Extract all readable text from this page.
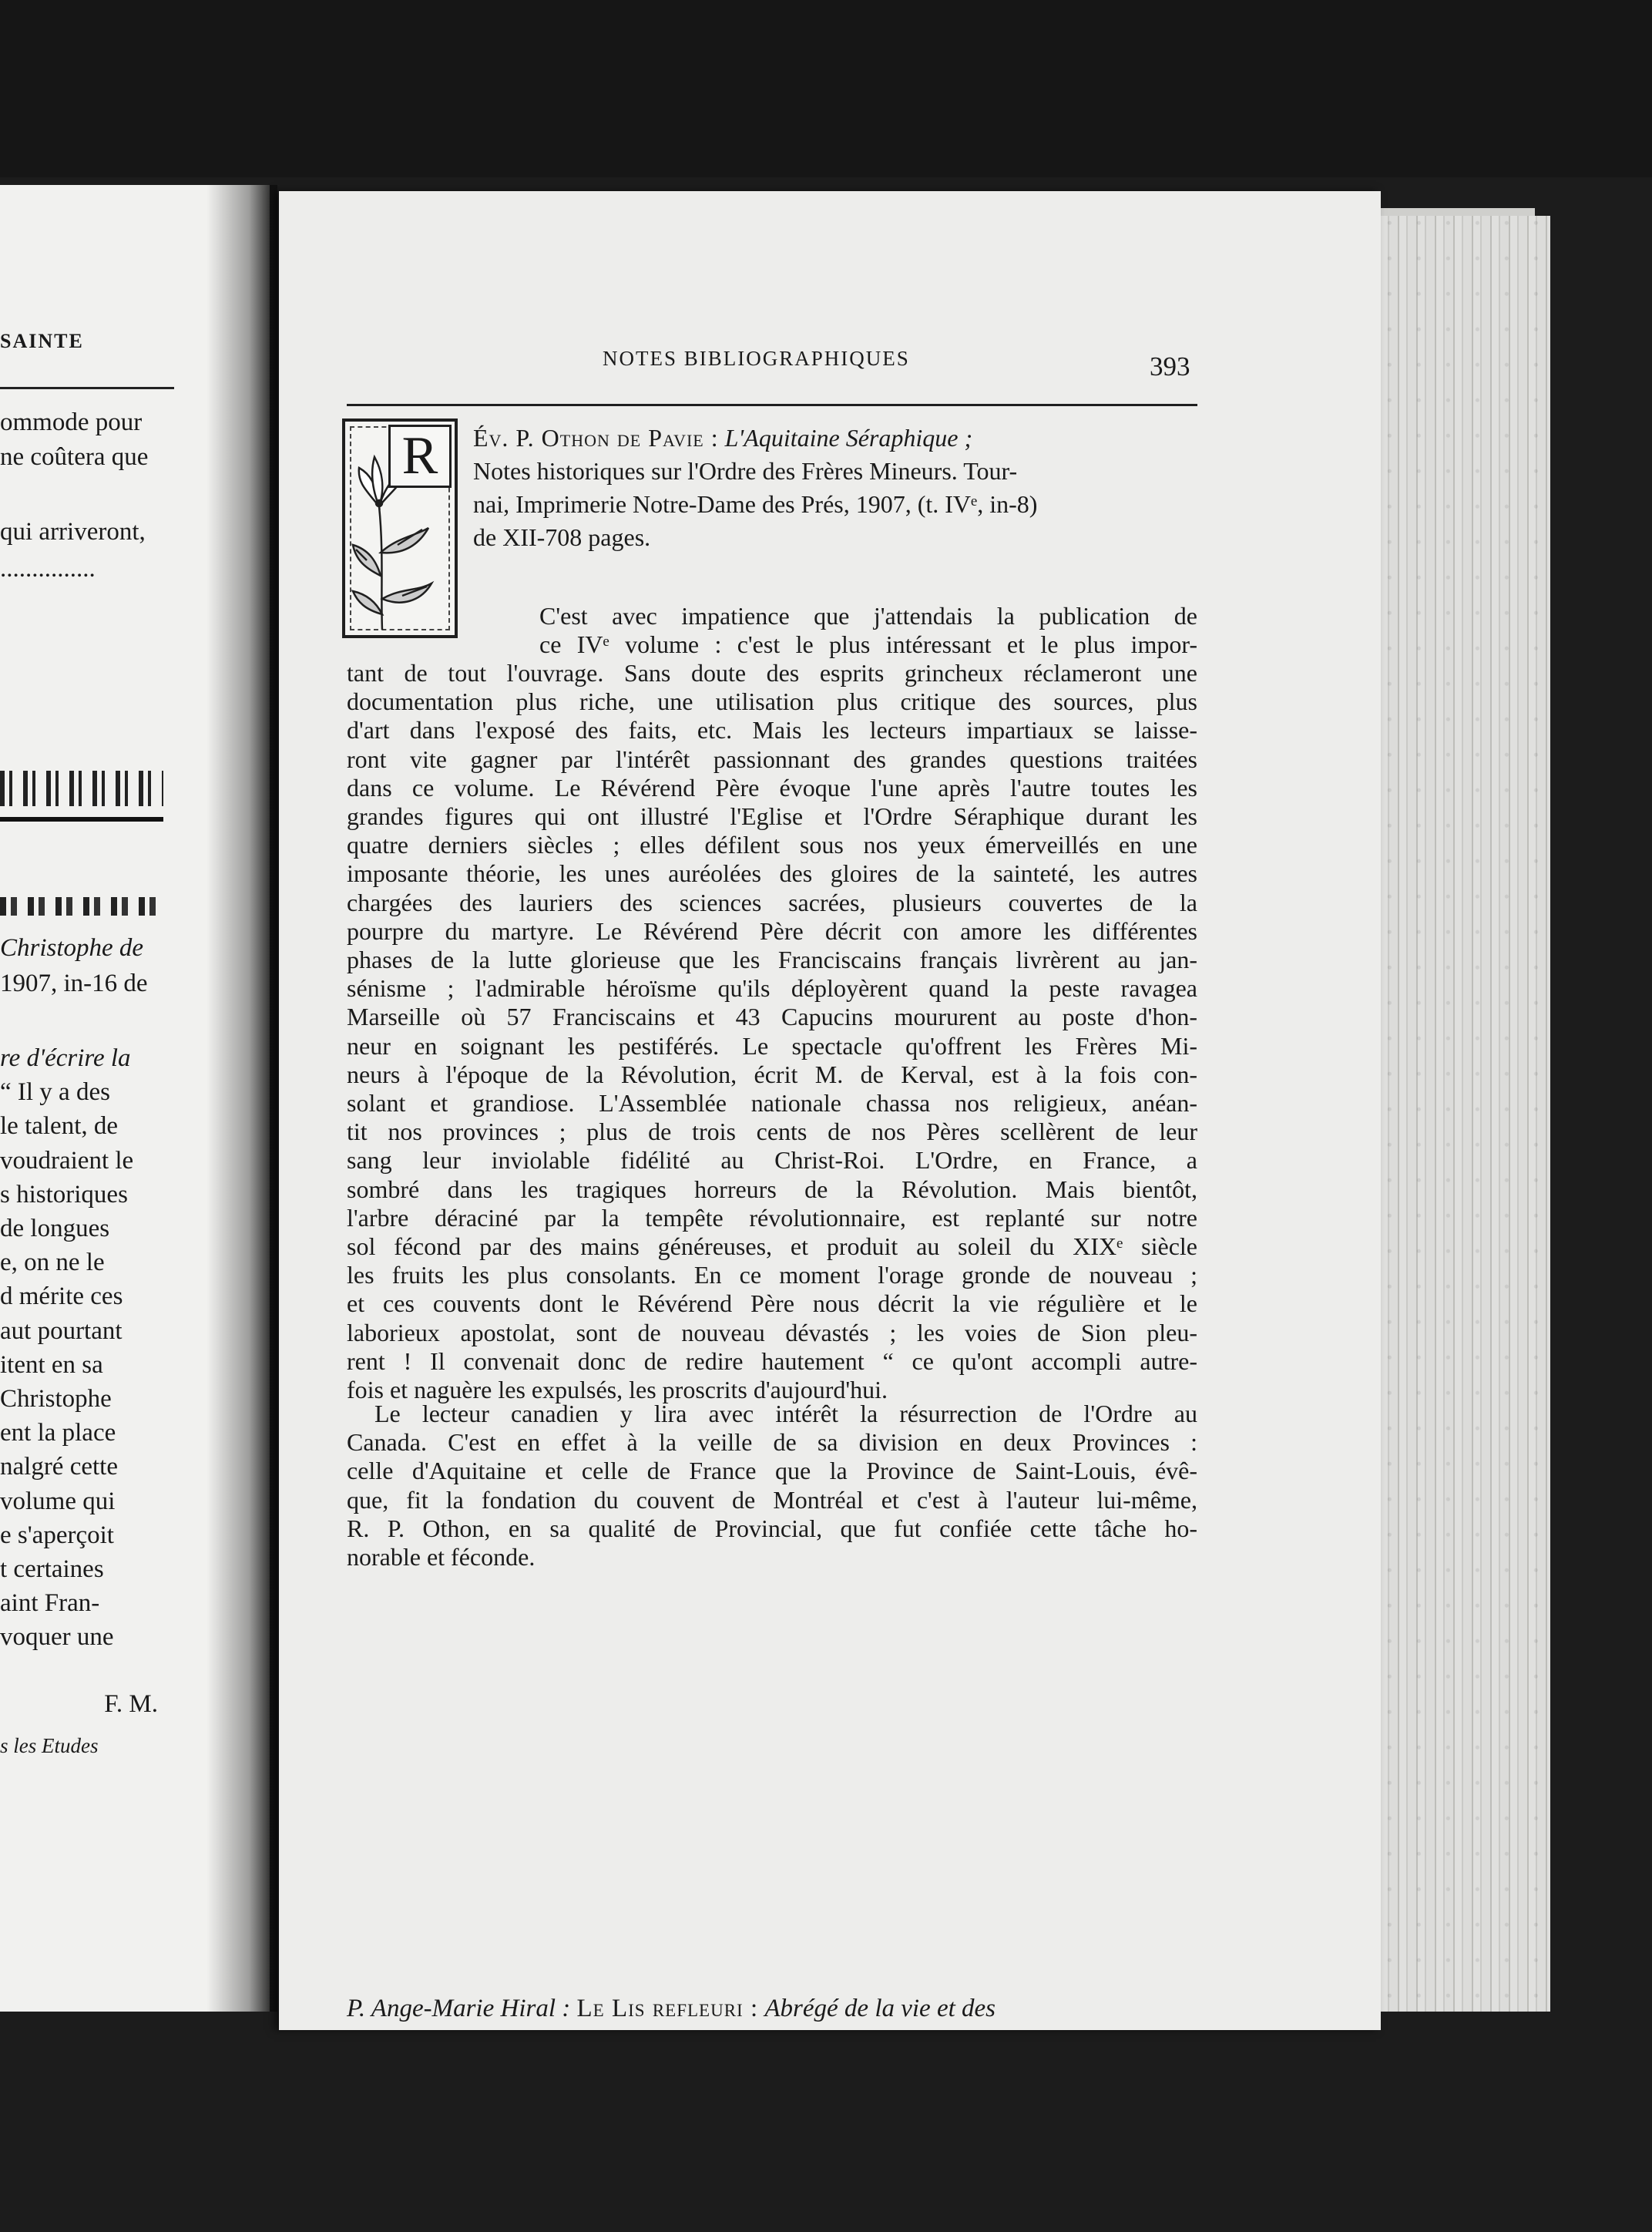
SAINTE
ommode pour
ne coûtera que
qui arriveront,
...............
Christophe de
1907, in-16 de
re d'écrire la
“ Il y a des
le talent, de
voudraient le
s historiques
de longues
e, on ne le
d mérite ces
aut pourtant
itent en sa
Christophe
ent la place
nalgré cette
volume qui
e s'aperçoit
t certaines
aint Fran-
voquer une
F. M.
s les Etudes
NOTES BIBLIOGRAPHIQUES	393
R Év. P. Othon de Pavie : L'Aquitaine Séraphique ;
Notes historiques sur l'Ordre des Frères Mineurs. Tour-
nai, Imprimerie Notre-Dame des Prés, 1907, (t. IVᵉ, in-8)
de XII-708 pages.

C'est avec impatience que j'attendais la publication de

ce IVᵉ volume : c'est le plus intéressant et le plus impor-

tant de tout l'ouvrage. Sans doute des esprits grincheux réclameront une

documentation plus riche, une utilisation plus critique des sources, plus

d'art dans l'exposé des faits, etc. Mais les lecteurs impartiaux se laisse-

ront vite gagner par l'intérêt passionnant des grandes questions traitées

dans ce volume. Le Révérend Père évoque l'une après l'autre toutes les

grandes figures qui ont illustré l'Eglise et l'Ordre Séraphique durant les

quatre derniers siècles ; elles défilent sous nos yeux émerveillés en une

imposante théorie, les unes auréolées des gloires de la sainteté, les autres

chargées des lauriers des sciences sacrées, plusieurs couvertes de la

pourpre du martyre. Le Révérend Père décrit con amore les différentes

phases de la lutte glorieuse que les Franciscains français livrèrent au jan-

sénisme ; l'admirable héroïsme qu'ils déployèrent quand la peste ravagea

Marseille où 57 Franciscains et 43 Capucins moururent au poste d'hon-

neur en soignant les pestiférés. Le spectacle qu'offrent les Frères Mi-

neurs à l'époque de la Révolution, écrit M. de Kerval, est à la fois con-

solant et grandiose. L'Assemblée nationale chassa nos religieux, anéan-

tit nos provinces ; plus de trois cents de nos Pères scellèrent de leur

sang leur inviolable fidélité au Christ-Roi. L'Ordre, en France, a

sombré dans les tragiques horreurs de la Révolution. Mais bientôt,

l'arbre déraciné par la tempête révolutionnaire, est replanté sur notre

sol fécond par des mains généreuses, et produit au soleil du XIXᵉ siècle

les fruits les plus consolants. En ce moment l'orage gronde de nouveau ;

et ces couvents dont le Révérend Père nous décrit la vie régulière et le

laborieux apostolat, sont de nouveau dévastés ; les voies de Sion pleu-

rent ! Il convenait donc de redire hautement “ ce qu'ont accompli autre-

fois et naguère les expulsés, les proscrits d'aujourd'hui.

Le lecteur canadien y lira avec intérêt la résurrection de l'Ordre au

Canada. C'est en effet à la veille de sa division en deux Provinces :

celle d'Aquitaine et celle de France que la Province de Saint-Louis, évê-

que, fit la fondation du couvent de Montréal et c'est à l'auteur lui-même,

R. P. Othon, en sa qualité de Provincial, que fut confiée cette tâche ho-

norable et féconde.

P. Ange-Marie Hiral : Le Lis refleuri : Abrégé de la vie et des
